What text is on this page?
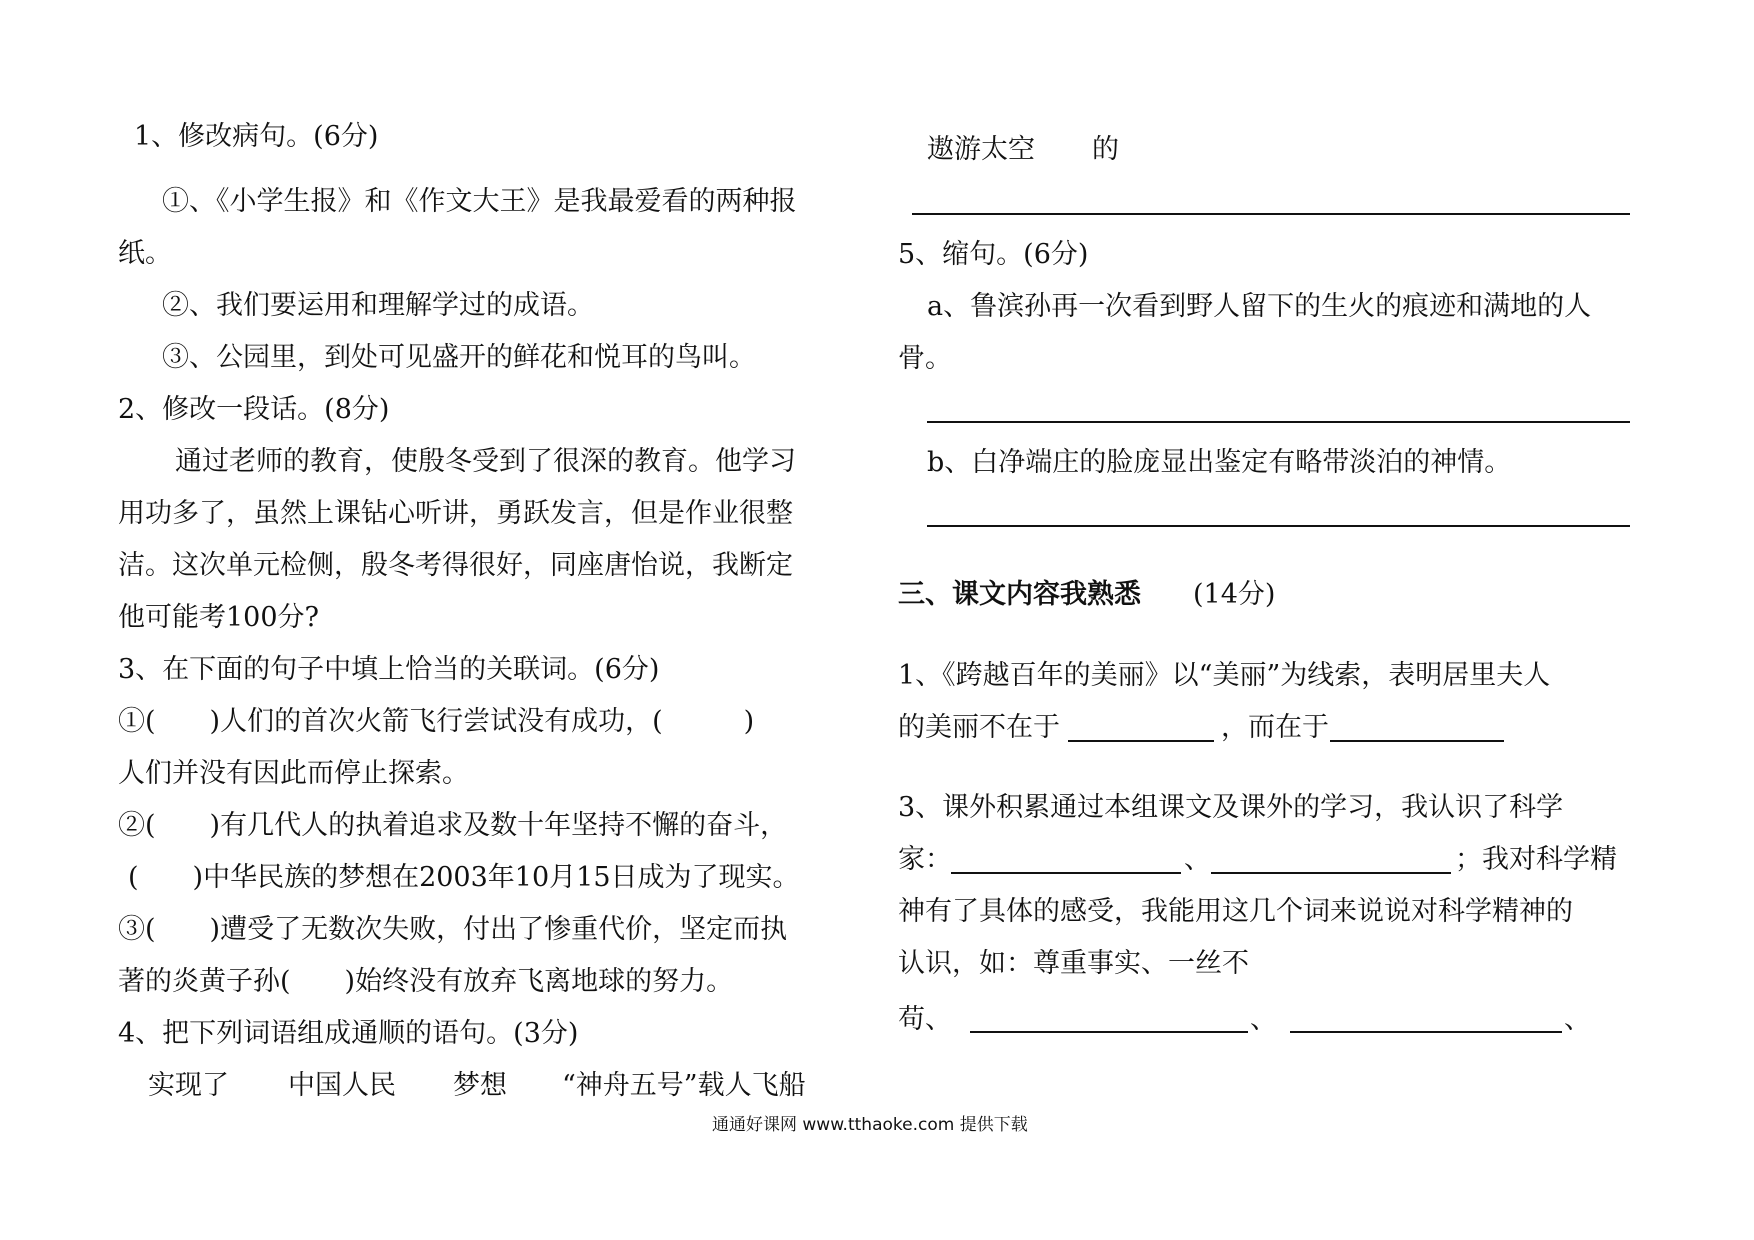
1、修改病句。(6分)
①、《小学生报》和《作文大王》是我最爱看的两种报
纸。
②、我们要运用和理解学过的成语。
③、公园里，到处可见盛开的鲜花和悦耳的鸟叫。
2、修改一段话。(8分)
通过老师的教育，使殷冬受到了很深的教育。他学习
用功多了，虽然上课钻心听讲，勇跃发言，但是作业很整
洁。这次单元检侧，殷冬考得很好，同座唐怡说，我断定
他可能考100分?
3、在下面的句子中填上恰当的关联词。(6分)
①(　　)人们的首次火箭飞行尝试没有成功，(　　　)
人们并没有因此而停止探索。
②(　　)有几代人的执着追求及数十年坚持不懈的奋斗，
(　　)中华民族的梦想在2003年10月15日成为了现实。
③(　　)遭受了无数次失败，付出了惨重代价，坚定而执
著的炎黄子孙(　　)始终没有放弃飞离地球的努力。
4、把下列词语组成通顺的语句。(3分)
实现了 中国人民 梦想 “神舟五号”载人飞船
遨游太空 的
5、缩句。(6分)
a、鲁滨孙再一次看到野人留下的生火的痕迹和满地的人
骨。
b、白净端庄的脸庞显出鉴定有略带淡泊的神情。
三、课文内容我熟悉 (14分)
1、《跨越百年的美丽》以“美丽”为线索，表明居里夫人
的美丽不在于	，而在于
3、课外积累通过本组课文及课外的学习，我认识了科学
家：	、	；我对科学精
神有了具体的感受，我能用这几个词来说说对科学精神的
认识，如：尊重事实、一丝不
苟、	、	、
通通好课网 www.tthaoke.com 提供下载
